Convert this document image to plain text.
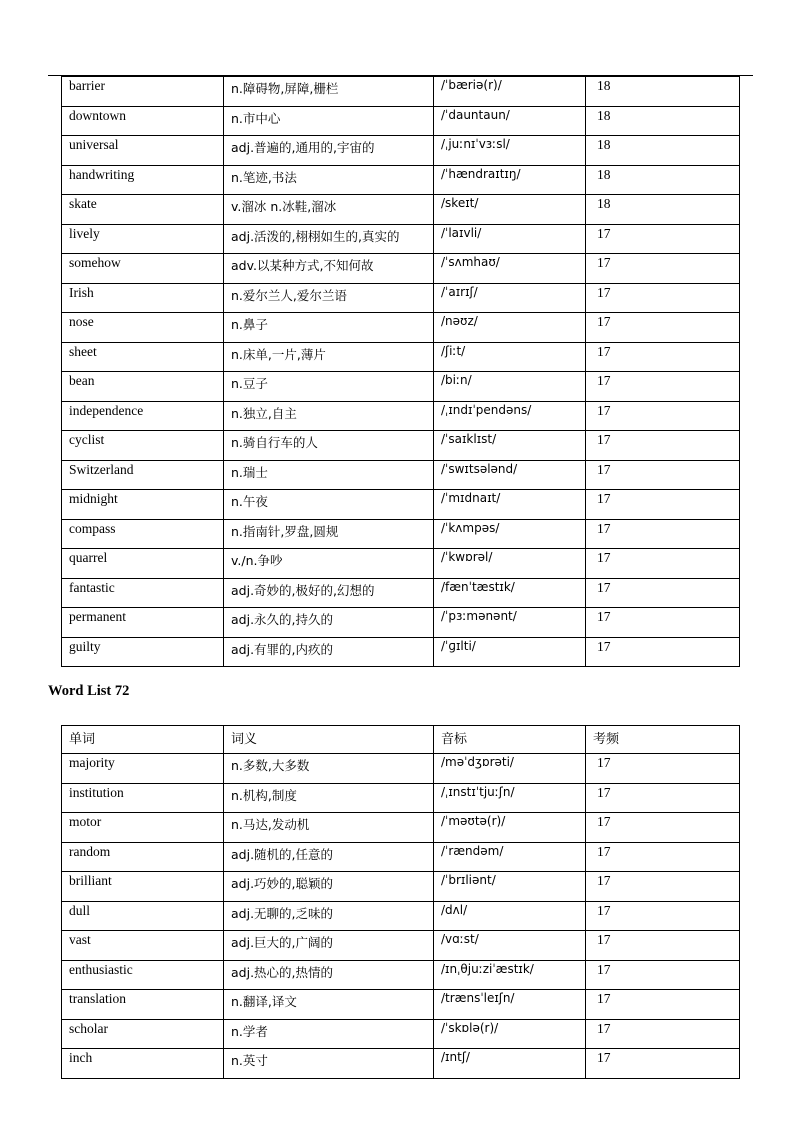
barrier	n.障碍物,屏障,栅栏	/ˈbæriə(r)/	18
downtown	n.市中心	/ˈdauntaun/	18
universal	adj.普遍的,通用的,宇宙的	/ˌjuːnɪˈvɜːsl/	18
handwriting	n.笔迹,书法	/ˈhændraɪtɪŋ/	18
skate	v.溜冰 n.冰鞋,溜冰	/skeɪt/	18
lively	adj.活泼的,栩栩如生的,真实的	/ˈlaɪvli/	17
somehow	adv.以某种方式,不知何故	/ˈsʌmhaʊ/	17
Irish	n.爱尔兰人,爱尔兰语	/ˈaɪrɪʃ/	17
nose	n.鼻子	/nəʊz/	17
sheet	n.床单,一片,薄片	/ʃiːt/	17
bean	n.豆子	/biːn/	17
independence	n.独立,自主	/ˌɪndɪˈpendəns/	17
cyclist	n.骑自行车的人	/ˈsaɪklɪst/	17
Switzerland	n.瑞士	/ˈswɪtsələnd/	17
midnight	n.午夜	/ˈmɪdnaɪt/	17
compass	n.指南针,罗盘,圆规	/ˈkʌmpəs/	17
quarrel	v./n.争吵	/ˈkwɒrəl/	17
fantastic	adj.奇妙的,极好的,幻想的	/fænˈtæstɪk/	17
permanent	adj.永久的,持久的	/ˈpɜːmənənt/	17
guilty	adj.有罪的,内疚的	/ˈɡɪlti/	17
Word List 72
单词	词义	音标	考频
majority	n.多数,大多数	/məˈdʒɒrəti/	17
institution	n.机构,制度	/ˌɪnstɪˈtjuːʃn/	17
motor	n.马达,发动机	/ˈməʊtə(r)/	17
random	adj.随机的,任意的	/ˈrændəm/	17
brilliant	adj.巧妙的,聪颖的	/ˈbrɪliənt/	17
dull	adj.无聊的,乏味的	/dʌl/	17
vast	adj.巨大的,广阔的	/vɑːst/	17
enthusiastic	adj.热心的,热情的	/ɪnˌθjuːziˈæstɪk/	17
translation	n.翻译,译文	/trænsˈleɪʃn/	17
scholar	n.学者	/ˈskɒlə(r)/	17
inch	n.英寸	/ɪntʃ/	17
